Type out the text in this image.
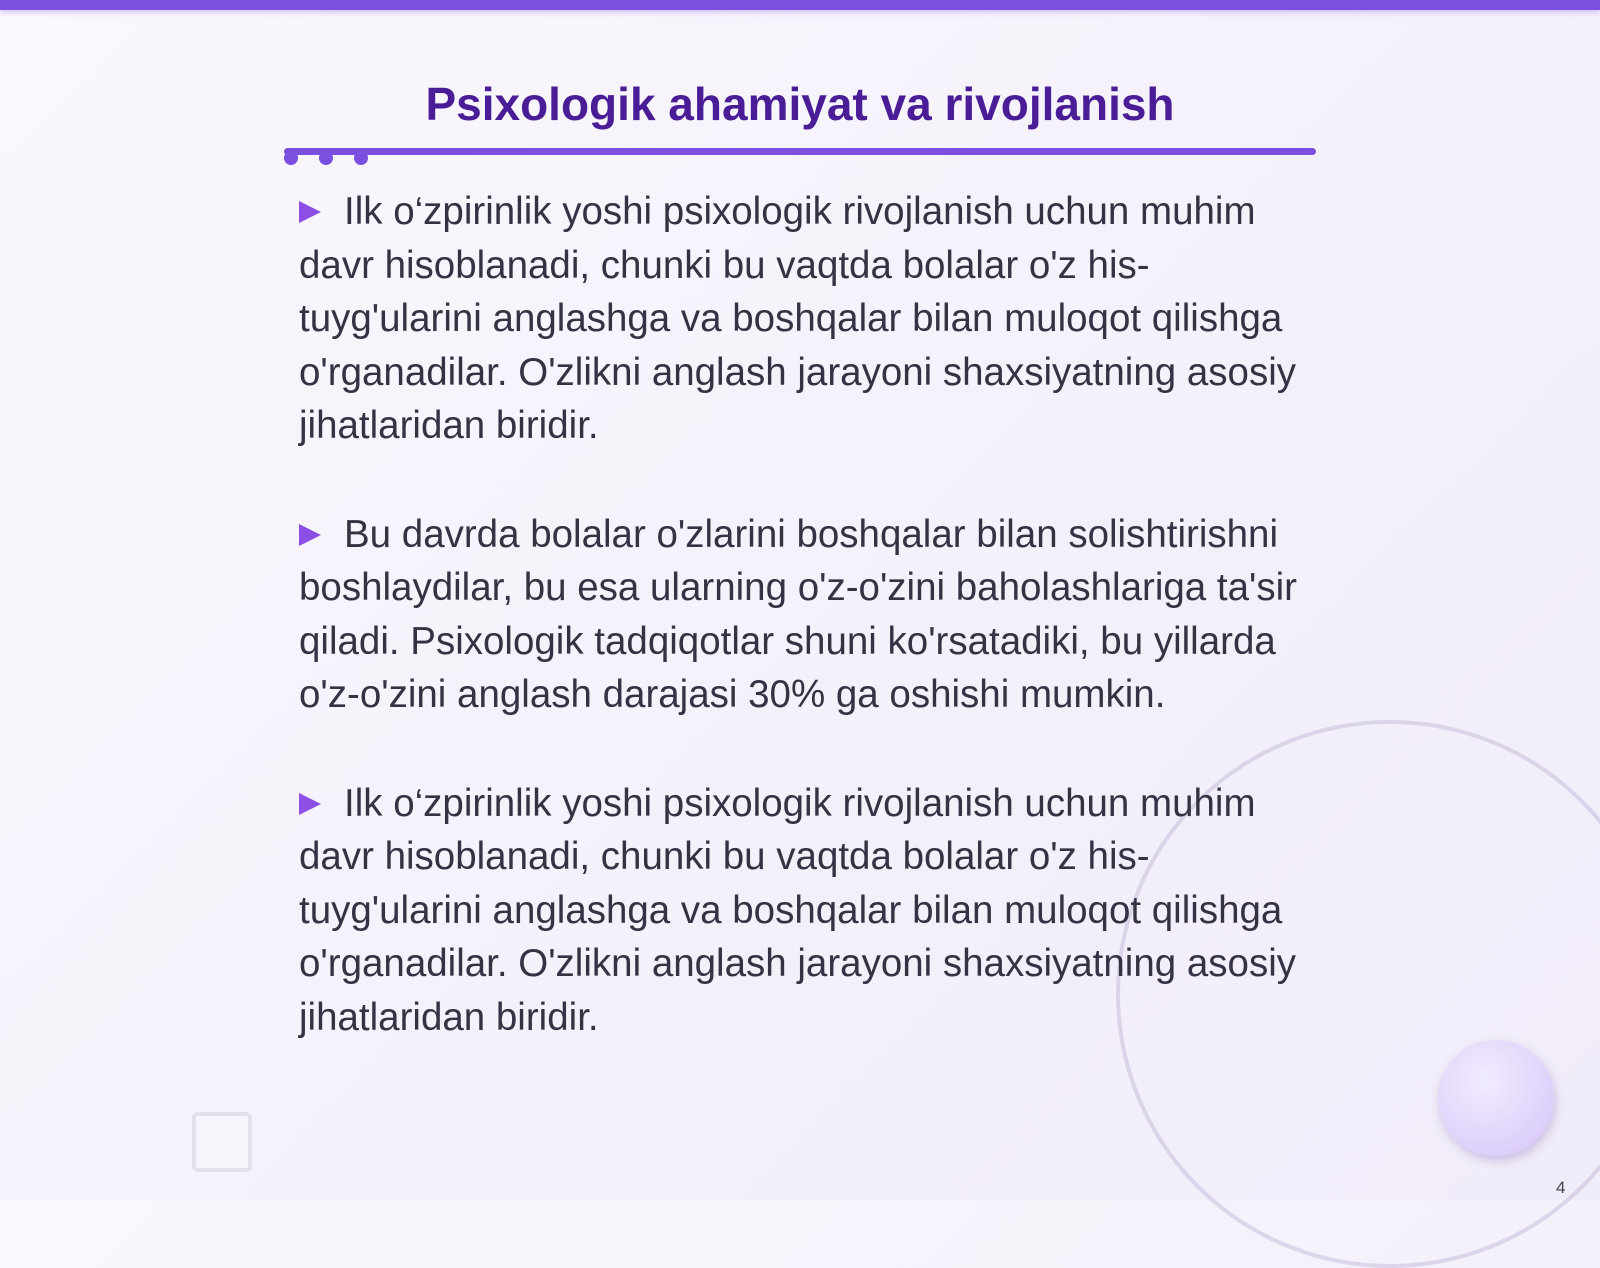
Psixologik ahamiyat va rivojlanish

Ilk o‘zpirinlik yoshi psixologik rivojlanish uchun muhim davr hisoblanadi, chunki bu vaqtda bolalar o'z his-tuyg'ularini anglashga va boshqalar bilan muloqot qilishga o'rganadilar. O'zlikni anglash jarayoni shaxsiyatning asosiy jihatlaridan biridir.

Bu davrda bolalar o'zlarini boshqalar bilan solishtirishni boshlaydilar, bu esa ularning o'z-o'zini baholashlariga ta'sir qiladi. Psixologik tadqiqotlar shuni ko'rsatadiki, bu yillarda o'z-o'zini anglash darajasi 30% ga oshishi mumkin.

Ilk o‘zpirinlik yoshi psixologik rivojlanish uchun muhim davr hisoblanadi, chunki bu vaqtda bolalar o'z his-tuyg'ularini anglashga va boshqalar bilan muloqot qilishga o'rganadilar. O'zlikni anglash jarayoni shaxsiyatning asosiy jihatlaridan biridir.

4
